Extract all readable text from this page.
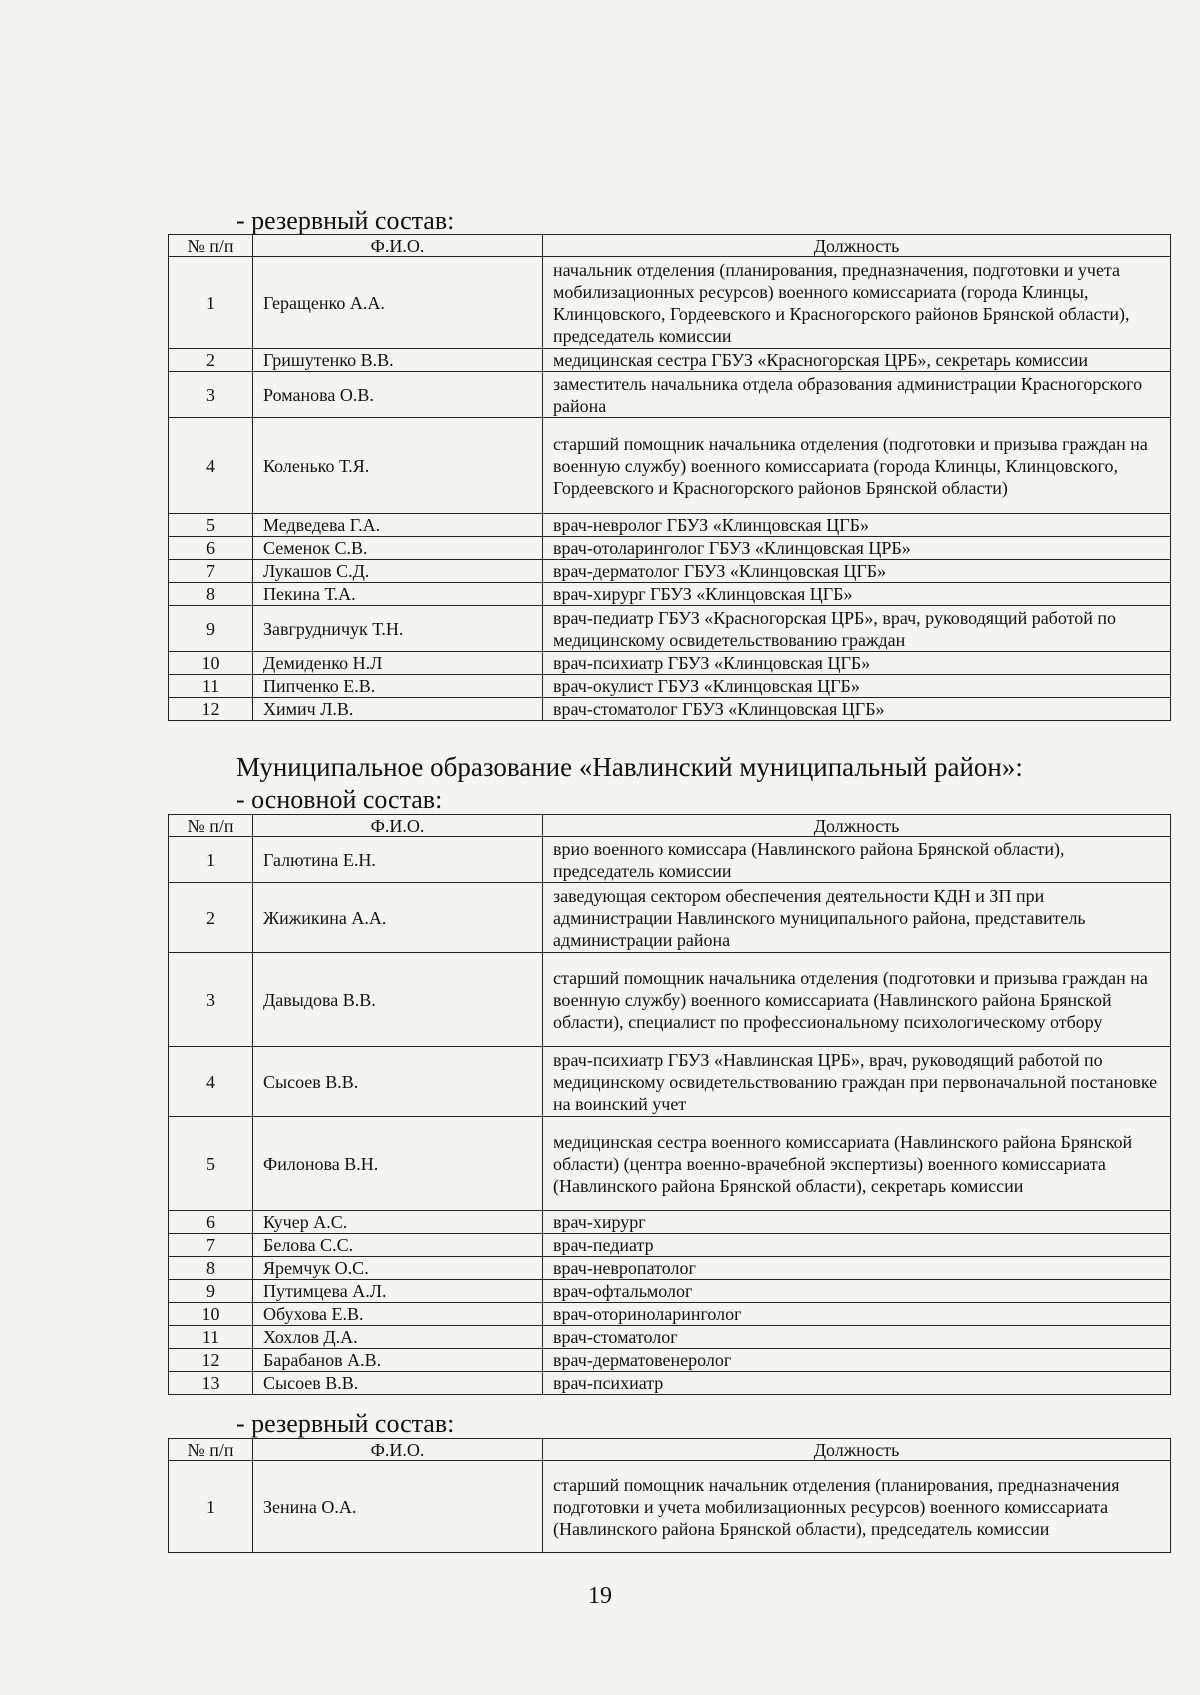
- резервный состав:
№ п/п	Ф.И.О.	Должность
1	Геращенко А.А.	начальник отделения (планирования, предназначения, подготовки и учета мобилизационных ресурсов) военного комиссариата (города Клинцы, Клинцовского, Гордеевского и Красногорского районов Брянской области), председатель комиссии
2	Гришутенко В.В.	медицинская сестра ГБУЗ «Красногорская ЦРБ», секретарь комиссии
3	Романова О.В.	заместитель начальника отдела образования администрации Красногорского района
4	Коленько Т.Я.	старший помощник начальника отделения (подготовки и призыва граждан на военную службу) военного комиссариата (города Клинцы, Клинцовского, Гордеевского и Красногорского районов Брянской области)
5	Медведева Г.А.	врач-невролог ГБУЗ «Клинцовская ЦГБ»
6	Семенок С.В.	врач-отоларинголог ГБУЗ «Клинцовская ЦРБ»
7	Лукашов С.Д.	врач-дерматолог ГБУЗ «Клинцовская ЦГБ»
8	Пекина Т.А.	врач-хирург ГБУЗ «Клинцовская ЦГБ»
9	Завгрудничук Т.Н.	врач-педиатр ГБУЗ «Красногорская ЦРБ», врач, руководящий работой по медицинскому освидетельствованию граждан
10	Демиденко Н.Л	врач-психиатр ГБУЗ «Клинцовская ЦГБ»
11	Пипченко Е.В.	врач-окулист ГБУЗ «Клинцовская ЦГБ»
12	Химич Л.В.	врач-стоматолог ГБУЗ «Клинцовская ЦГБ»
Муниципальное образование «Навлинский муниципальный район»:
- основной состав:
№ п/п	Ф.И.О.	Должность
1	Галютина Е.Н.	врио военного комиссара (Навлинского района Брянской области), председатель комиссии
2	Жижикина А.А.	заведующая сектором обеспечения деятельности КДН и ЗП при администрации Навлинского муниципального района, представитель администрации района
3	Давыдова В.В.	старший помощник начальника отделения (подготовки и призыва граждан на военную службу) военного комиссариата (Навлинского района Брянской области), специалист по профессиональному психологическому отбору
4	Сысоев В.В.	врач-психиатр ГБУЗ «Навлинская ЦРБ», врач, руководящий работой по медицинскому освидетельствованию граждан при первоначальной постановке на воинский учет
5	Филонова В.Н.	медицинская сестра военного комиссариата (Навлинского района Брянской области) (центра военно-врачебной экспертизы) военного комиссариата (Навлинского района Брянской области), секретарь комиссии
6	Кучер А.С.	врач-хирург
7	Белова С.С.	врач-педиатр
8	Яремчук О.С.	врач-невропатолог
9	Путимцева А.Л.	врач-офтальмолог
10	Обухова Е.В.	врач-оториноларинголог
11	Хохлов Д.А.	врач-стоматолог
12	Барабанов А.В.	врач-дерматовенеролог
13	Сысоев В.В.	врач-психиатр
- резервный состав:
№ п/п	Ф.И.О.	Должность
1	Зенина О.А.	старший помощник начальник отделения (планирования, предназначения подготовки и учета мобилизационных ресурсов) военного комиссариата (Навлинского района Брянской области), председатель комиссии
19
